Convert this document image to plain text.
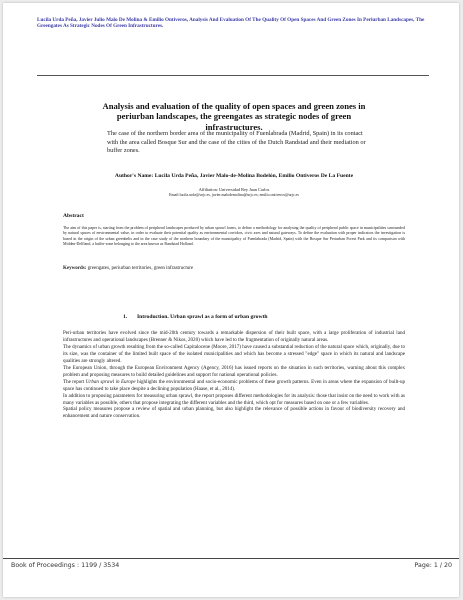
Lucila Urda Peña, Javier Julio Malo De Molina & Emilio Ontiveros, Analysis And Evaluation Of The Quality Of Open Spaces And Green Zones In Periurban Landscapes, The Greengates As Strategic Nodes Of Green Infrastructures.
Analysis and evaluation of the quality of open spaces and green zones in periurban landscapes, the greengates as strategic nodes of green infrastructures.
The case of the northern border area of the municipality of Fuenlabrada (Madrid, Spain) in its contact with the area called Bosque Sur and the case of the cities of the Dutch Randstad and their mediation or buffer zones.
Author's Name: Lucila Urda Peña, Javier Malo-de-Molina Bodelón, Emilio Ontiveros De La Fuente
Affiliation: Universidad Rey Juan Carlos
Email:lucila.urda@urjc.es, javier.malodemolina@urjc.es; emilio.ontiveros@urjc.es
Abstract
The aim of this paper is, starting from the problem of peripheral landscapes produced by urban sprawl forms, to define a methodology for analysing the quality of peripheral public space in municipalities surrounded by natural spaces of environmental value, in order to evaluate their potential quality as environmental corridors, civic axes and natural gateways. To define the evaluation with proper indicators the investigation is based in the origin of the urban greenbelts and in the case study of the northern boundary of the municipality of Fuenlabrada (Madrid, Spain) with the Bosque Sur Periurban Forest Park and its comparison with Midden-Delfland, a buffer-zone belonging to the area known as Randstad Holland.
Keywords: greengates, periurban territories, green infrastructure
1. Introduction. Urban sprawl as a form of urban growth

Peri-urban territories have evolved since the mid-20th century towards a remarkable dispersion of their built space, with a large proliferation of industrial land infrastructures and operational landscapes (Brenner & Nikos, 2020) which have led to the fragmentation of originally natural areas.

The dynamics of urban growth resulting from the so-called Capitalocene (Moore, 2017) have caused a substantial reduction of the natural space which, originally, due to its size, was the container of the limited built space of the isolated municipalities and which has become a stressed "edge" space in which its natural and landscape qualities are strongly altered.

The European Union, through the European Environment Agency (Agency, 2016) has issued reports on the situation in such territories, warning about this complex problem and proposing measures to build detailed guidelines and support for national operational policies.

The report Urban sprawl in Europe highlights the environmental and socio-economic problems of these growth patterns. Even in areas where the expansion of built-up space has continued to take place despite a declining population (Haase, et al., 2014).

In addition to proposing parameters for measuring urban sprawl, the report proposes different methodologies for its analysis: those that insist on the need to work with as many variables as possible, others that propose integrating the different variables and the third, which opt for measures based on one or a few variables.

Spatial policy measures propose a review of spatial and urban planning, but also highlight the relevance of possible actions in favour of biodiversity recovery and enhancement and nature conservation.

Book of Proceedings : 1199 / 3534	Page: 1 / 20
